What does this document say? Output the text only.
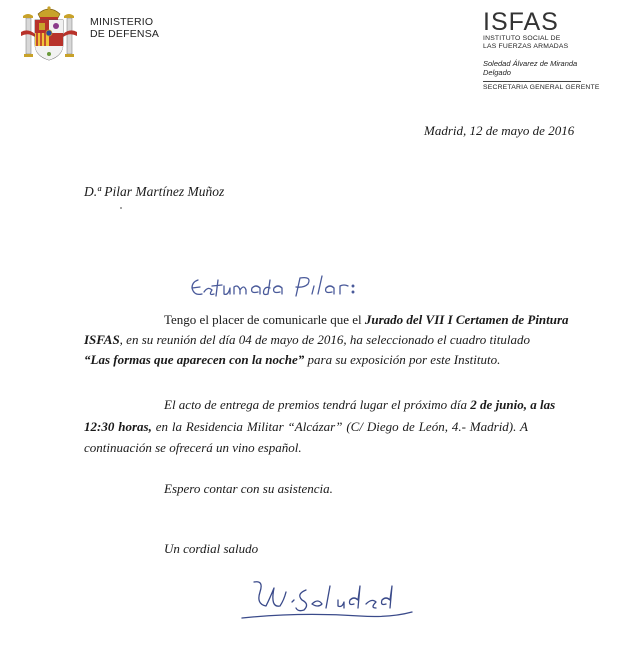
MINISTERIO
DE DEFENSA	ISFAS
INSTITUTO SOCIAL DE
LAS FUERZAS ARMADAS
Soledad Álvarez de Miranda
Delgado
SECRETARIA GENERAL GERENTE
Madrid, 12 de mayo de 2016
D.ª Pilar Martínez Muñoz
Tengo el placer de comunicarle que el Jurado del VII I Certamen de Pintura
ISFAS, en su reunión del día 04 de mayo de 2016, ha seleccionado el cuadro titulado
“Las formas que aparecen con la noche” para su exposición por este Instituto.
El acto de entrega de premios tendrá lugar el próximo día 2 de junio, a las
12:30 horas, en la Residencia Militar “Alcázar” (C/ Diego de León, 4.- Madrid). A
continuación se ofrecerá un vino español.
Espero contar con su asistencia.
Un cordial saludo
